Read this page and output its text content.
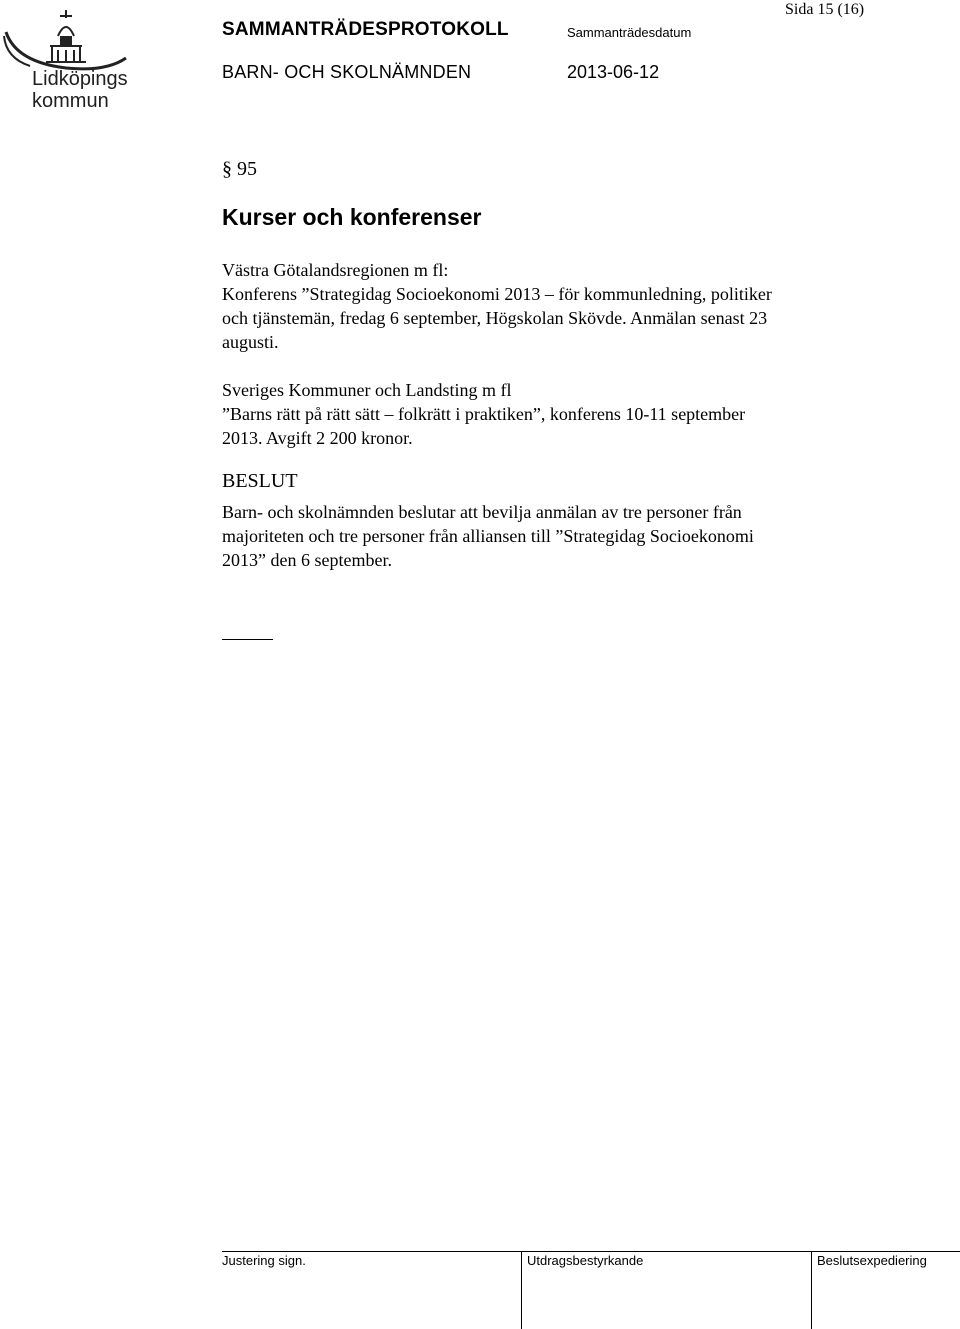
Lidköpings
kommun
Sida 15 (16)
SAMMANTRÄDESPROTOKOLL	Sammanträdesdatum
BARN- OCH SKOLNÄMNDEN	2013-06-12
§ 95
Kurser och konferenser

Västra Götalandsregionen m fl:

Konferens ”Strategidag Socioekonomi 2013 – för kommunledning, politiker

och tjänstemän, fredag 6 september, Högskolan Skövde. Anmälan senast 23

augusti.

Sveriges Kommuner och Landsting m fl

”Barns rätt på rätt sätt – folkrätt i praktiken”, konferens 10-11 september

2013. Avgift 2 200 kronor.

BESLUT

Barn- och skolnämnden beslutar att bevilja anmälan av tre personer från

majoriteten och tre personer från alliansen till ”Strategidag Socioekonomi

2013” den 6 september.

Justering sign.	Utdragsbestyrkande	Beslutsexpediering
